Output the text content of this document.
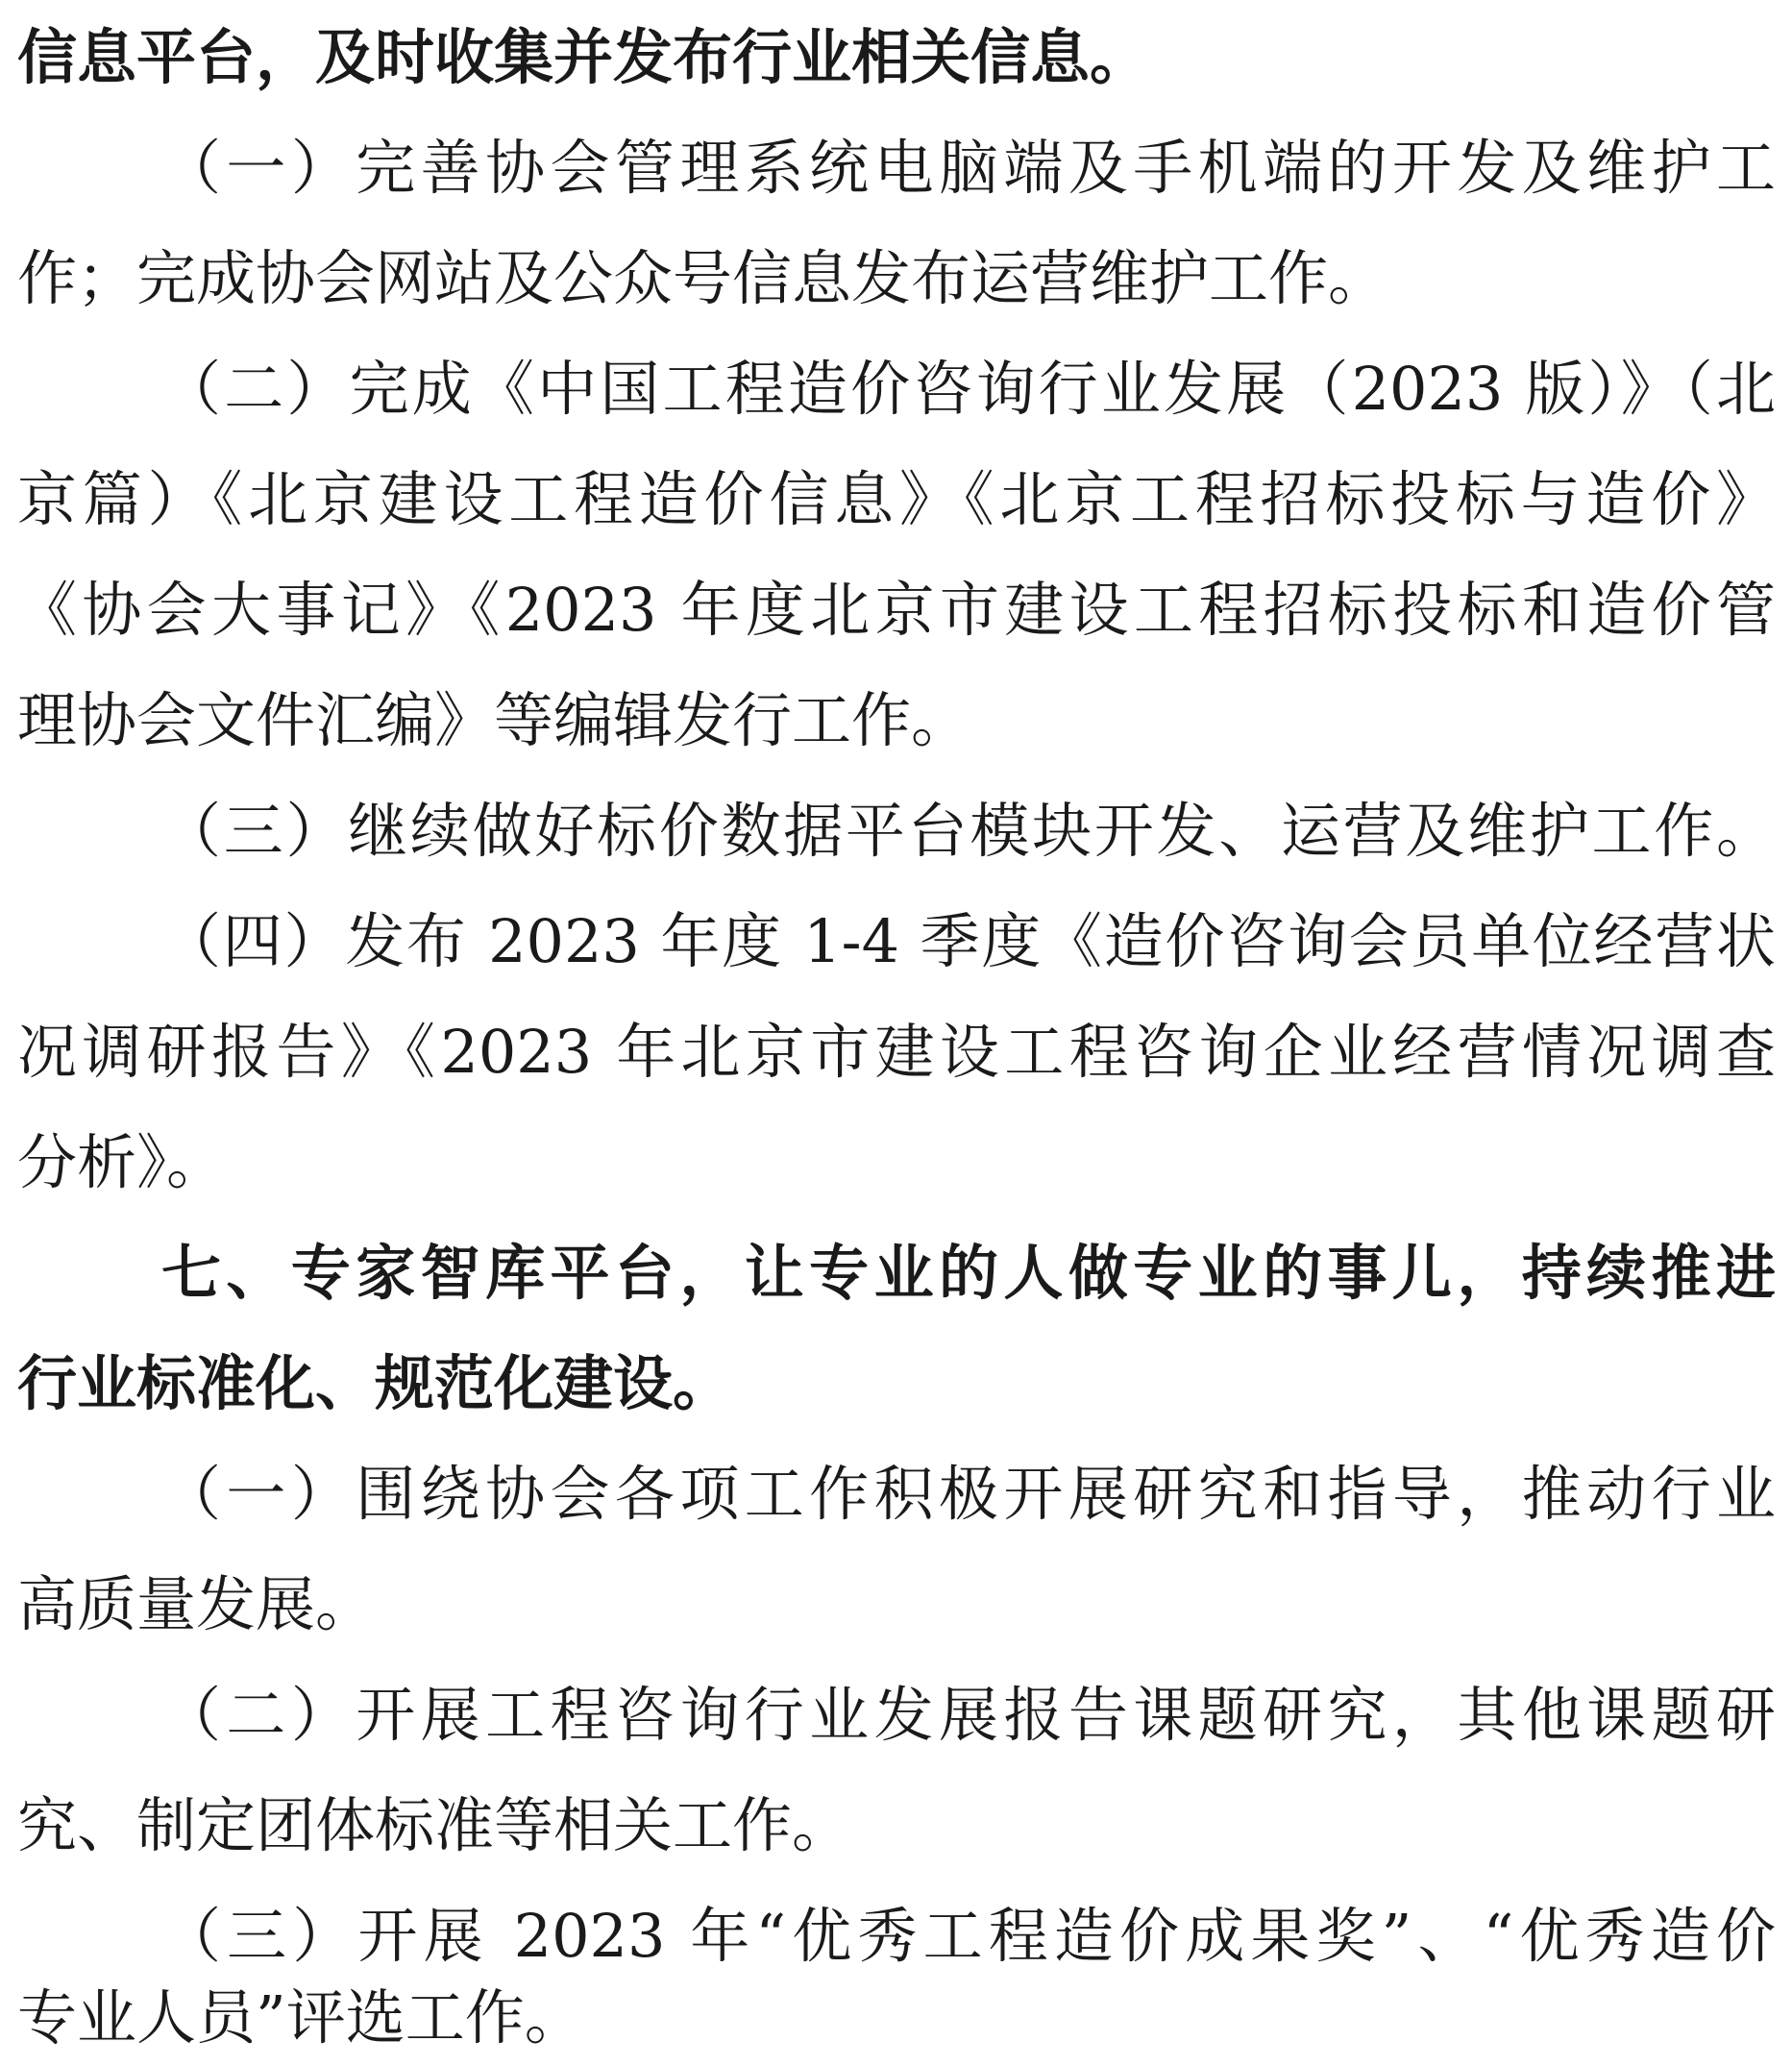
信息平台，及时收集并发布行业相关信息。
（一）完善协会管理系统电脑端及手机端的开发及维护工
作；完成协会网站及公众号信息发布运营维护工作。
（二）完成《中国工程造价咨询行业发展（2023 版）》（北
京篇）《北京建设工程造价信息》《北京工程招标投标与造价》
《协会大事记》《2023 年度北京市建设工程招标投标和造价管
理协会文件汇编》等编辑发行工作。
（三）继续做好标价数据平台模块开发、运营及维护工作。
（四）发布 2023 年度 1-4 季度《造价咨询会员单位经营状
况调研报告》《2023 年北京市建设工程咨询企业经营情况调查
分析》。
七、专家智库平台，让专业的人做专业的事儿，持续推进
行业标准化、规范化建设。
（一）围绕协会各项工作积极开展研究和指导，推动行业
高质量发展。
（二）开展工程咨询行业发展报告课题研究，其他课题研
究、制定团体标准等相关工作。
（三）开展 2023 年“优秀工程造价成果奖”、“优秀造价
专业人员”评选工作。
